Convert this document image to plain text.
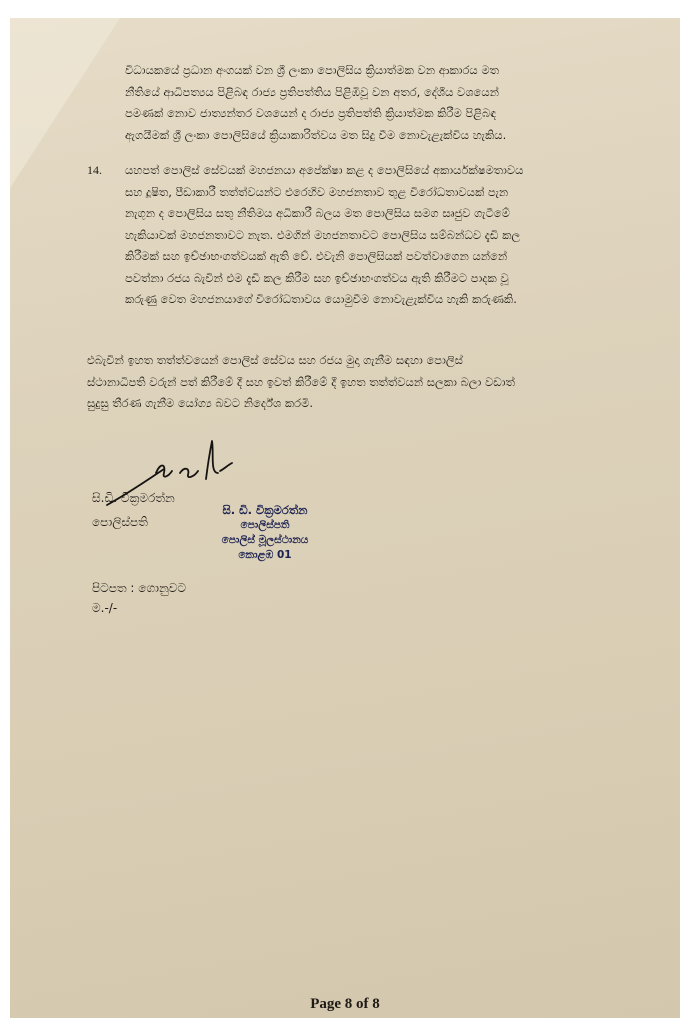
විධායකයේ ප්‍රධාන අංගයක් වන ශ්‍රී ලංකා පොලිසිය ක්‍රියාත්මක වන ආකාරය මත
නීතියේ ආධිපත්‍යය පිළිබඳ රාජ්‍ය ප්‍රතිපත්තිය පිළිඹිවූ වන අතර, දේශීය වශයෙන්
පමණක් නොව ජාත්‍යන්තර වශයෙන් ද රාජ්‍ය ප්‍රතිපත්ති ක්‍රියාත්මක කිරීම පිළිබඳ
ඇගයීමක් ශ්‍රී ලංකා පොලිසියේ ක්‍රියාකාරිත්වය මත සිදු වීම නොවැළැක්විය හැකිය.
14. යහපත් පොලිස් සේවයක් මහජනයා අපේක්ෂා කළ ද පොලිසියේ අකාර්යක්ෂමතාවය
සහ දූෂිත, පීඩාකාරී තත්ත්වයන්ට එරෙහිව මහජනතාව තුළ විරෝධතාවයක් පැන
නැගුන ද පොලිසිය සතු නීතිමය අධිකාරී බලය මත පොලිසිය සමග සෘජුව ගැටීමේ
හැකියාවක් මහජනතාවට නැත. එමගින් මහජනතාවට පොලිසිය සම්බන්ධව දැඩි කල
කිරීමක් සහ ඉච්ඡාභංගත්වයක් ඇති වේ. එවැනි පොලිසියක් පවත්වාගෙන යන්නේ
පවත්නා රජය බැවින් එම දැඩි කල කිරීම සහ ඉච්ඡාභංගත්වය ඇති කිරීමට පාදක වූ
කරුණු වෙත මහජනයාගේ විරෝධතාවය යොමුවීම නොවැළැක්විය හැකි කරුණකි.
එබැවින් ඉහත තත්ත්වයෙන් පොලිස් සේවය සහ රජය මුදා ගැනීම සඳහා පොලිස්
ස්ථානාධිපති වරුන් පත් කිරීමේ දී සහ ඉවත් කිරීමේ දී ඉහත තත්ත්වයන් සලකා බලා වඩාත්
සුදුසු තීරණ ගැනීම යෝග්‍ය බවට නිර්දේශ කරමි.
සි.ඩි. වික්‍රමරත්න
පොලිස්පති
සි. ඩි. වික්‍රමරත්න
පොලිස්පති
පොලිස් මූලස්ථානය
කොළඹ 01
පිටපත : ගොනුවට
ම.-/-
Page 8 of 8
